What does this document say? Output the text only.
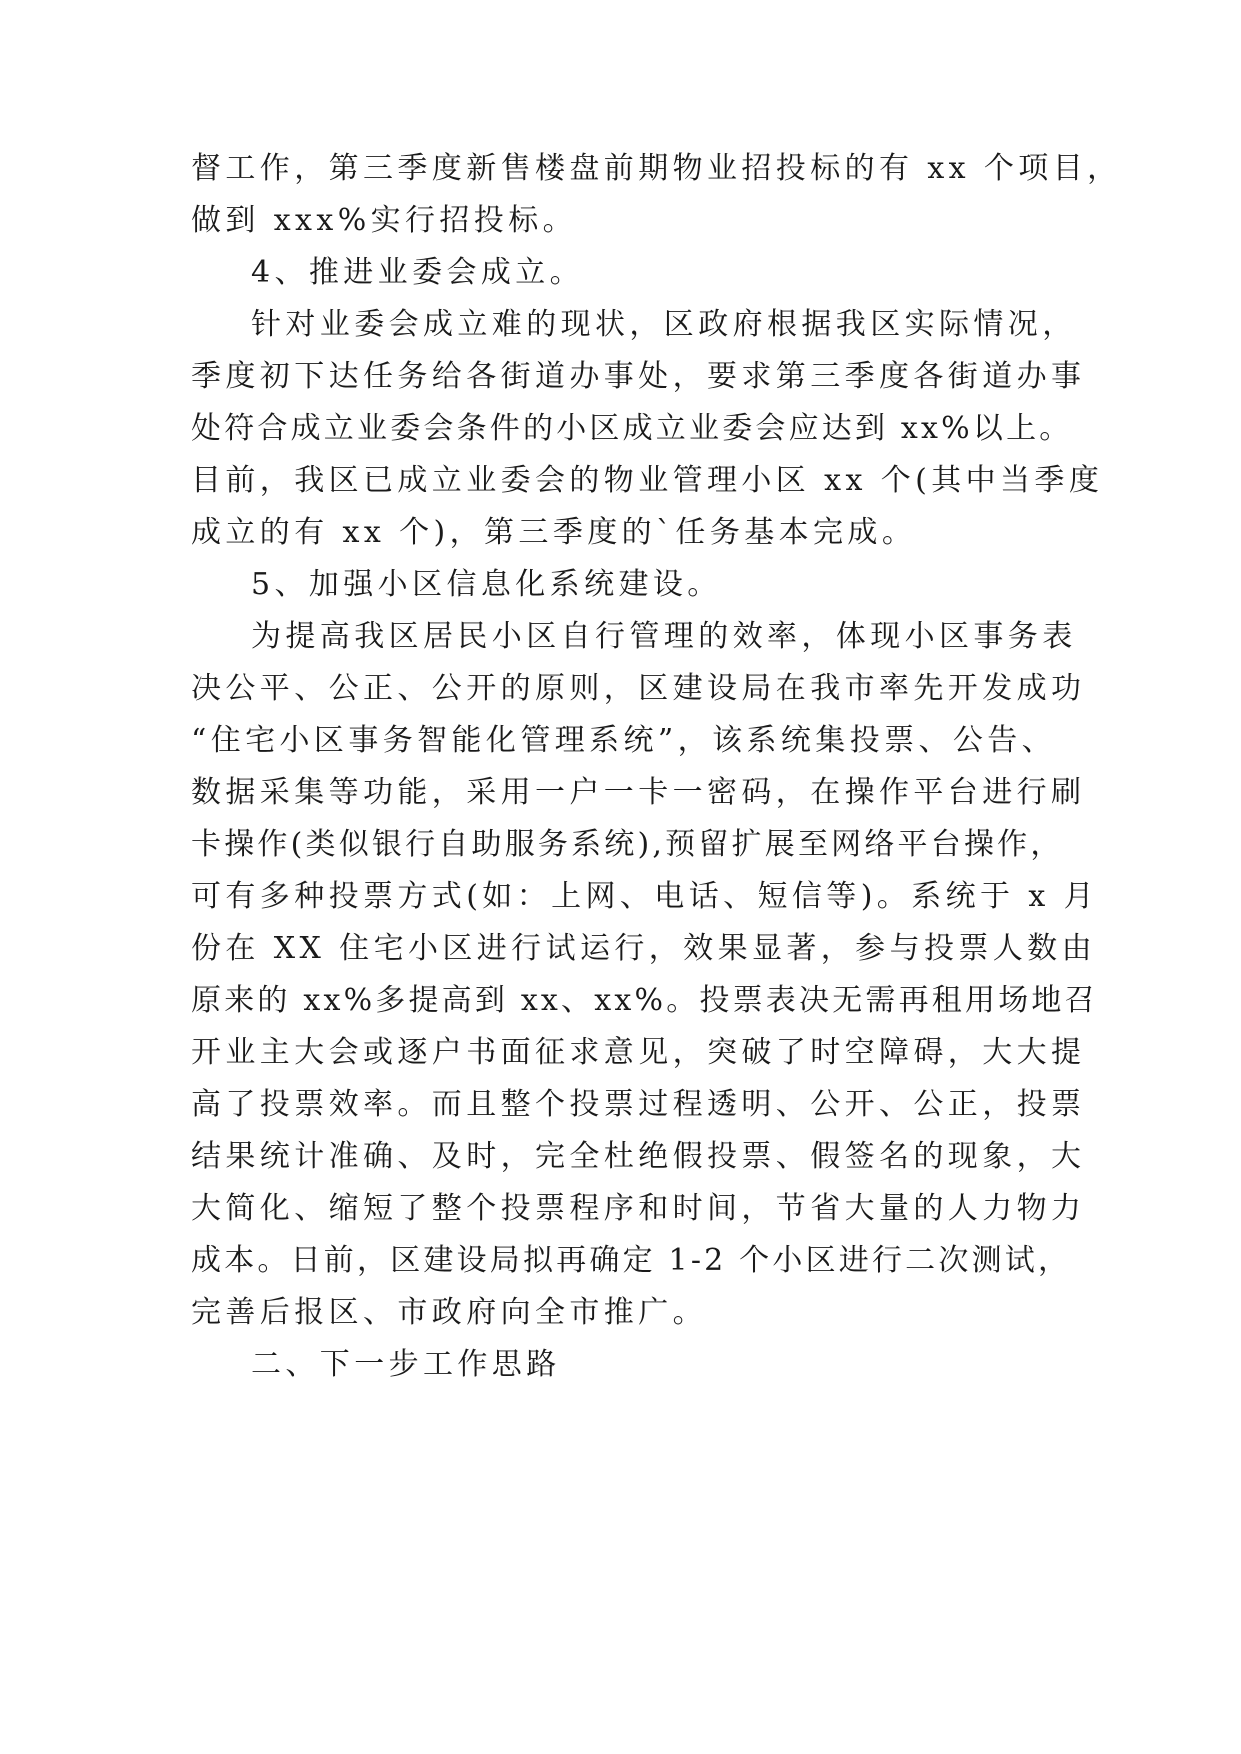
督工作，第三季度新售楼盘前期物业招投标的有 xx 个项目，
做到 xxx%实行招投标。
4、推进业委会成立。
针对业委会成立难的现状，区政府根据我区实际情况，
季度初下达任务给各街道办事处，要求第三季度各街道办事
处符合成立业委会条件的小区成立业委会应达到 xx%以上。
目前，我区已成立业委会的物业管理小区 xx 个(其中当季度
成立的有 xx 个)，第三季度的`任务基本完成。
5、加强小区信息化系统建设。
为提高我区居民小区自行管理的效率，体现小区事务表
决公平、公正、公开的原则，区建设局在我市率先开发成功
“住宅小区事务智能化管理系统”，该系统集投票、公告、
数据采集等功能，采用一户一卡一密码，在操作平台进行刷
卡操作(类似银行自助服务系统),预留扩展至网络平台操作，
可有多种投票方式(如：上网、电话、短信等)。系统于 x 月
份在 XX 住宅小区进行试运行，效果显著，参与投票人数由
原来的 xx%多提高到 xx、xx%。投票表决无需再租用场地召
开业主大会或逐户书面征求意见，突破了时空障碍，大大提
高了投票效率。而且整个投票过程透明、公开、公正，投票
结果统计准确、及时，完全杜绝假投票、假签名的现象，大
大简化、缩短了整个投票程序和时间，节省大量的人力物力
成本。日前，区建设局拟再确定 1-2 个小区进行二次测试，
完善后报区、市政府向全市推广。
二、下一步工作思路
